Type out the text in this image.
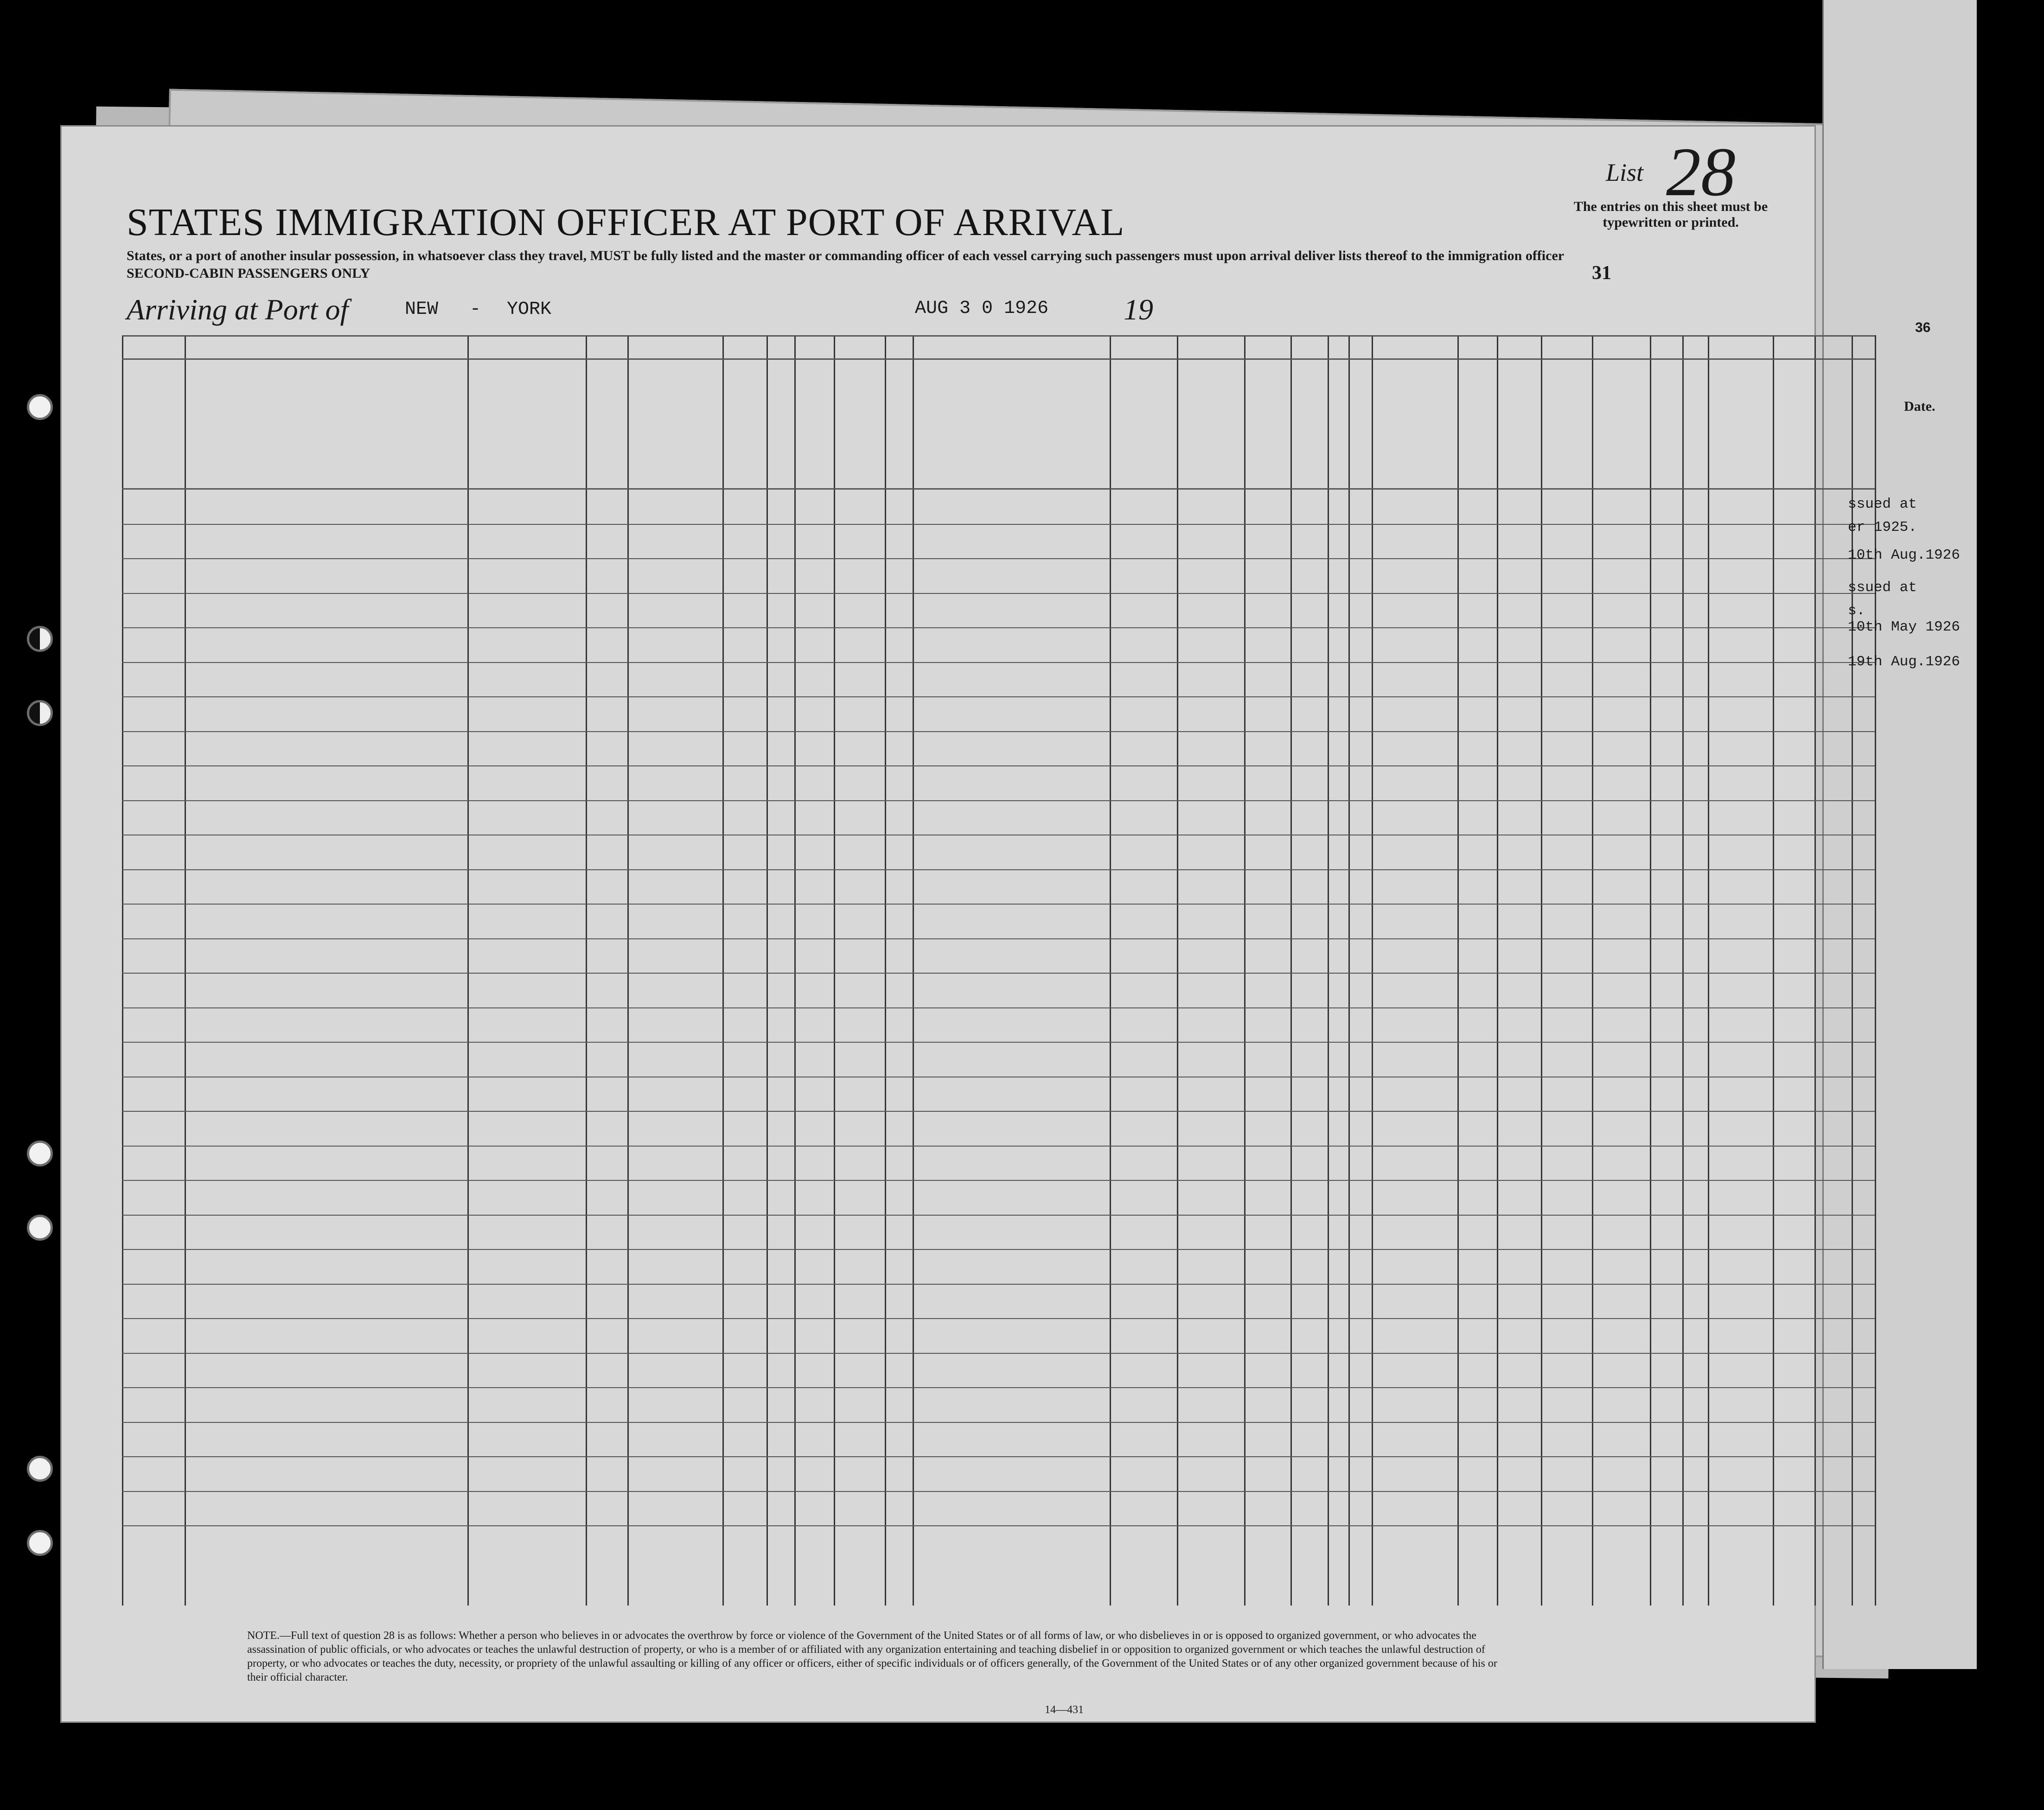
STATES IMMIGRATION OFFICER AT PORT OF ARRIVAL
States, or a port of another insular possession, in whatsoever class they travel, MUST be fully listed and the master or commanding officer of each vessel carrying such passengers must upon arrival deliver lists thereof to the immigration officer
SECOND-CABIN PASSENGERS ONLY
Arriving at Port of	NEW - YORK	AUG 3 0 1926	19
List 28
The entries on this sheet must be typewritten or printed.
31
NOTE.—Full text of question 28 is as follows: Whether a person who believes in or advocates the overthrow by force or violence of the Government of the United States or of all forms of law, or who disbelieves in or is opposed to organized government, or who advocates the assassination of public officials, or who advocates or teaches the unlawful destruction of property, or who is a member of or affiliated with any organization entertaining and teaching disbelief in or opposition to organized government or which teaches the unlawful destruction of property, or who advocates or teaches the duty, necessity, or propriety of the unlawful assaulting or killing of any officer or officers, either of specific individuals or of officers generally, of the Government of the United States or of any other organized government because of his or their official character.
14—431
36
Date.
ssued at
er 1925.
10th Aug.1926
ssued at
s.
10th May 1926
19th Aug.1926
